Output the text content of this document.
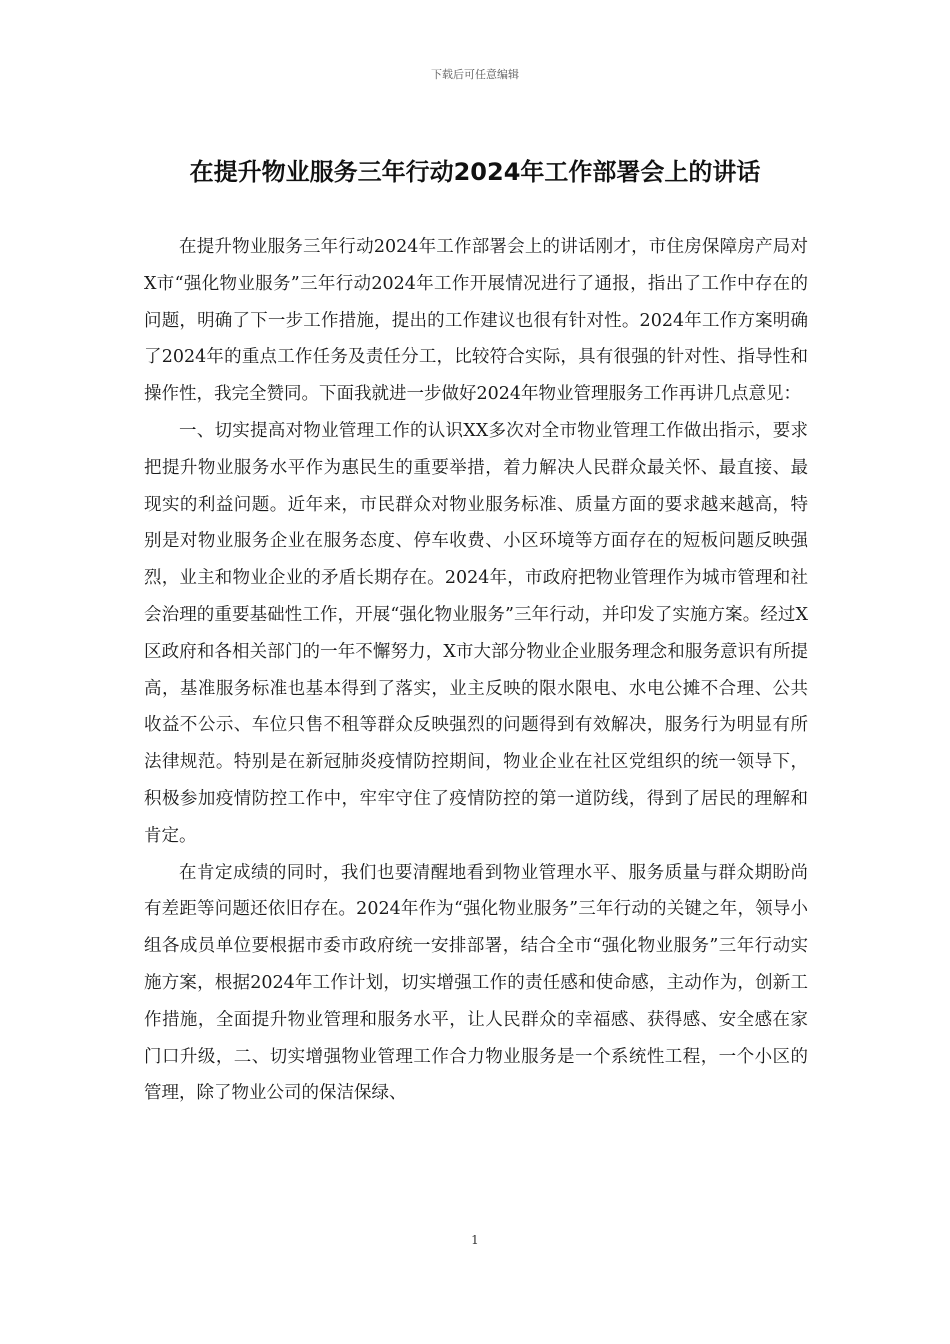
下载后可任意编辑
在提升物业服务三年行动2024年工作部署会上的讲话

在提升物业服务三年行动2024年工作部署会上的讲话刚才，市住房保障房产局对X市“强化物业服务”三年行动2024年工作开展情况进行了通报，指出了工作中存在的问题，明确了下一步工作措施，提出的工作建议也很有针对性。2024年工作方案明确了2024年的重点工作任务及责任分工，比较符合实际，具有很强的针对性、指导性和操作性，我完全赞同。下面我就进一步做好2024年物业管理服务工作再讲几点意见：

一、切实提高对物业管理工作的认识XX多次对全市物业管理工作做出指示，要求把提升物业服务水平作为惠民生的重要举措，着力解决人民群众最关怀、最直接、最现实的利益问题。近年来，市民群众对物业服务标准、质量方面的要求越来越高，特别是对物业服务企业在服务态度、停车收费、小区环境等方面存在的短板问题反映强烈，业主和物业企业的矛盾长期存在。2024年，市政府把物业管理作为城市管理和社会治理的重要基础性工作，开展“强化物业服务”三年行动，并印发了实施方案。经过X区政府和各相关部门的一年不懈努力，X市大部分物业企业服务理念和服务意识有所提高，基准服务标准也基本得到了落实，业主反映的限水限电、水电公摊不合理、公共收益不公示、车位只售不租等群众反映强烈的问题得到有效解决，服务行为明显有所法律规范。特别是在新冠肺炎疫情防控期间，物业企业在社区党组织的统一领导下，积极参加疫情防控工作中，牢牢守住了疫情防控的第一道防线，得到了居民的理解和肯定。

在肯定成绩的同时，我们也要清醒地看到物业管理水平、服务质量与群众期盼尚有差距等问题还依旧存在。2024年作为“强化物业服务”三年行动的关键之年，领导小组各成员单位要根据市委市政府统一安排部署，结合全市“强化物业服务”三年行动实施方案，根据2024年工作计划，切实增强工作的责任感和使命感，主动作为，创新工作措施，全面提升物业管理和服务水平，让人民群众的幸福感、获得感、安全感在家门口升级，二、切实增强物业管理工作合力物业服务是一个系统性工程，一个小区的管理，除了物业公司的保洁保绿、

1
